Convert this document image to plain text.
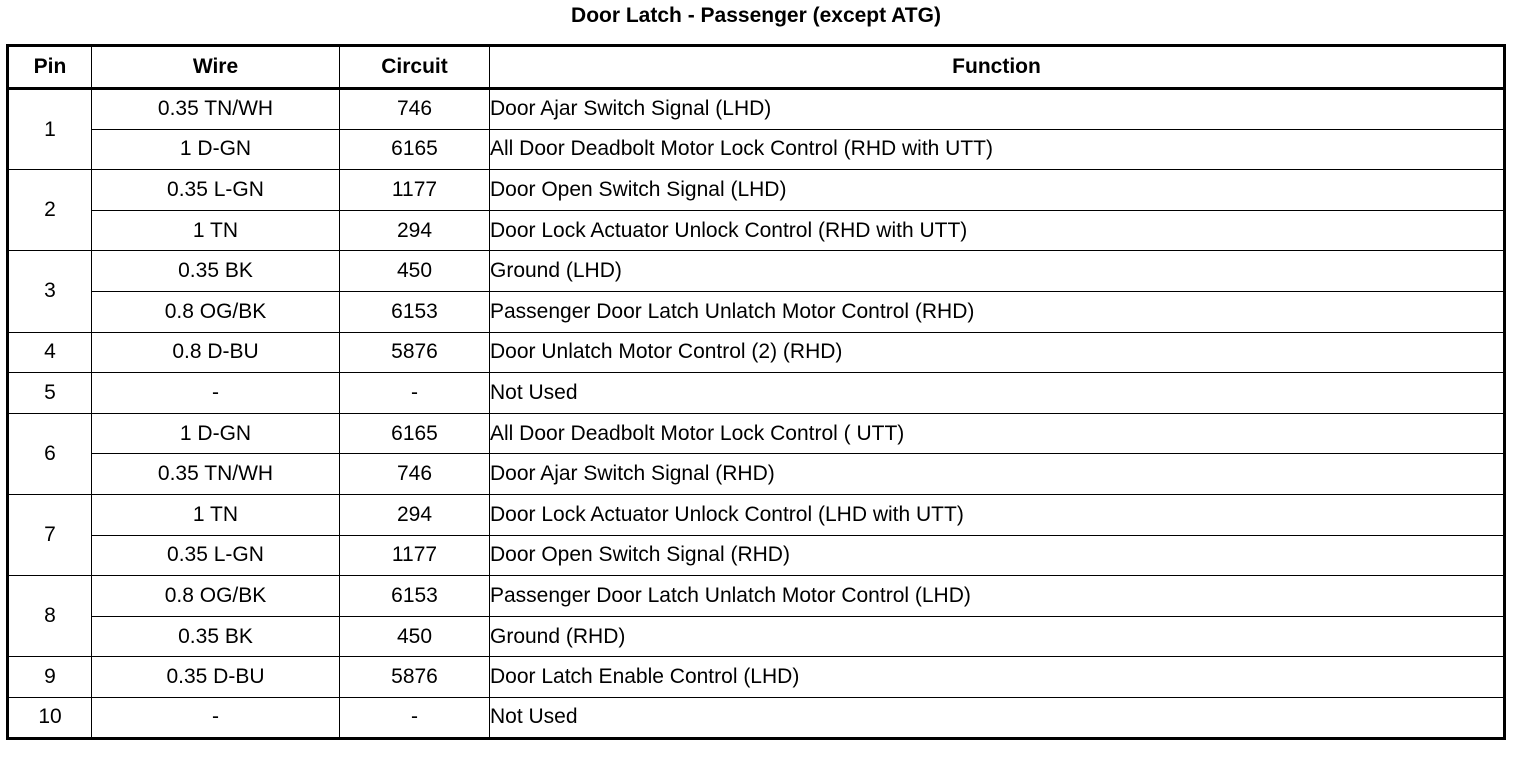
Door Latch - Passenger (except ATG)
Pin	Wire	Circuit	Function
1	0.35 TN/WH	746	Door Ajar Switch Signal (LHD)
	1 D-GN	6165	All Door Deadbolt Motor Lock Control (RHD with UTT)
2	0.35 L-GN	1177	Door Open Switch Signal (LHD)
	1 TN	294	Door Lock Actuator Unlock Control (RHD with UTT)
3	0.35 BK	450	Ground (LHD)
	0.8 OG/BK	6153	Passenger Door Latch Unlatch Motor Control (RHD)
4	0.8 D-BU	5876	Door Unlatch Motor Control (2) (RHD)
5	-	-	Not Used
6	1 D-GN	6165	All Door Deadbolt Motor Lock Control ( UTT)
	0.35 TN/WH	746	Door Ajar Switch Signal (RHD)
7	1 TN	294	Door Lock Actuator Unlock Control (LHD with UTT)
	0.35 L-GN	1177	Door Open Switch Signal (RHD)
8	0.8 OG/BK	6153	Passenger Door Latch Unlatch Motor Control (LHD)
	0.35 BK	450	Ground (RHD)
9	0.35 D-BU	5876	Door Latch Enable Control (LHD)
10	-	-	Not Used
